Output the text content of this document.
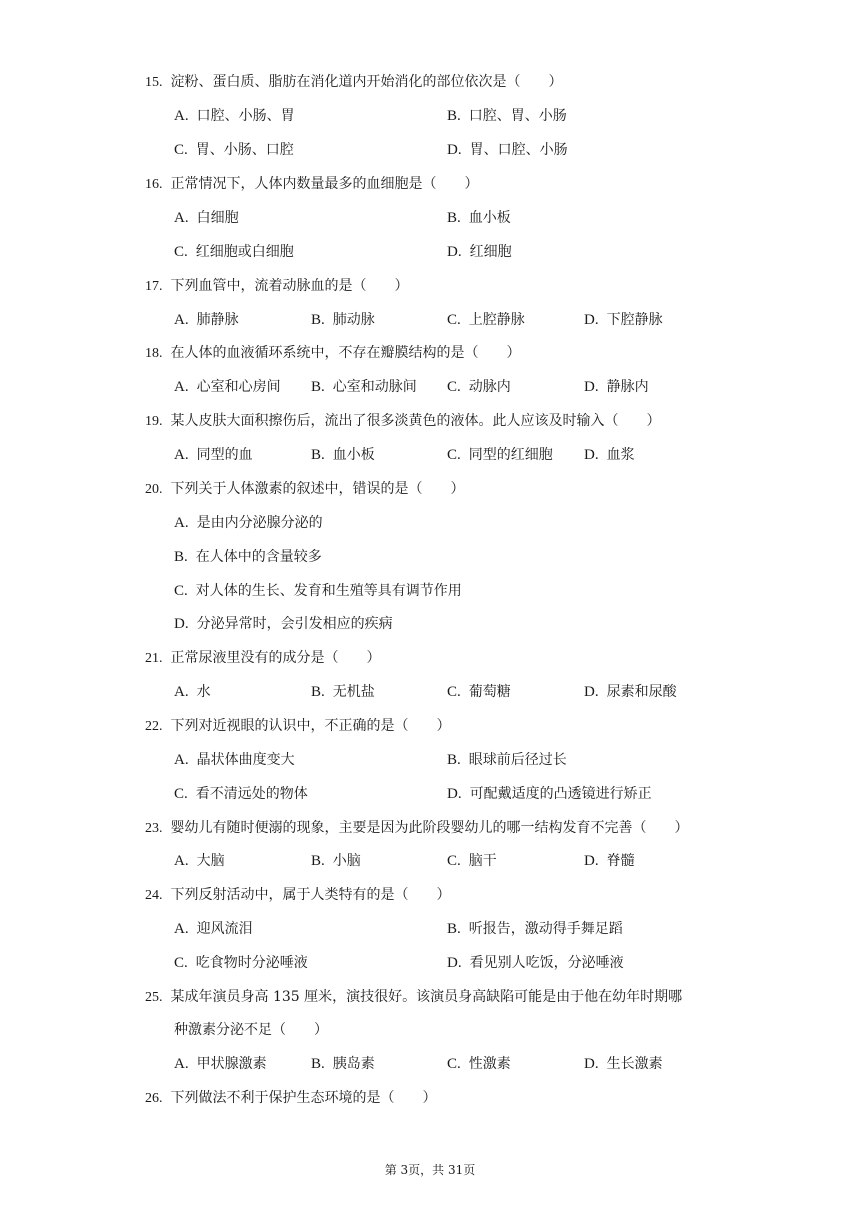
15. 淀粉、蛋白质、脂肪在消化道内开始消化的部位依次是（　　）
A. 口腔、小肠、胃	B. 口腔、胃、小肠
C. 胃、小肠、口腔	D. 胃、口腔、小肠
16. 正常情况下，人体内数量最多的血细胞是（　　）
A. 白细胞	B. 血小板
C. 红细胞或白细胞	D. 红细胞
17. 下列血管中，流着动脉血的是（　　）
A. 肺静脉	B. 肺动脉	C. 上腔静脉	D. 下腔静脉
18. 在人体的血液循环系统中，不存在瓣膜结构的是（　　）
A. 心室和心房间 B. 心室和动脉间 C. 动脉内	D. 静脉内
19. 某人皮肤大面积擦伤后，流出了很多淡黄色的液体。此人应该及时输入（　　）
A. 同型的血	B. 血小板	C. 同型的红细胞 D. 血浆
20. 下列关于人体激素的叙述中，错误的是（　　）
A. 是由内分泌腺分泌的
B. 在人体中的含量较多
C. 对人体的生长、发育和生殖等具有调节作用
D. 分泌异常时，会引发相应的疾病
21. 正常尿液里没有的成分是（　　）
A. 水	B. 无机盐	C. 葡萄糖	D. 尿素和尿酸
22. 下列对近视眼的认识中，不正确的是（　　）
A. 晶状体曲度变大	B. 眼球前后径过长
C. 看不清远处的物体	D. 可配戴适度的凸透镜进行矫正
23. 婴幼儿有随时便溺的现象，主要是因为此阶段婴幼儿的哪一结构发育不完善（　　）
A. 大脑	B. 小脑	C. 脑干	D. 脊髓
24. 下列反射活动中，属于人类特有的是（　　）
A. 迎风流泪	B. 听报告，激动得手舞足蹈
C. 吃食物时分泌唾液	D. 看见别人吃饭，分泌唾液
25. 某成年演员身高 135 厘米，演技很好。该演员身高缺陷可能是由于他在幼年时期哪
种激素分泌不足（　　）
A. 甲状腺激素	B. 胰岛素	C. 性激素	D. 生长激素
26. 下列做法不利于保护生态环境的是（　　）
第 3页，共 31页
